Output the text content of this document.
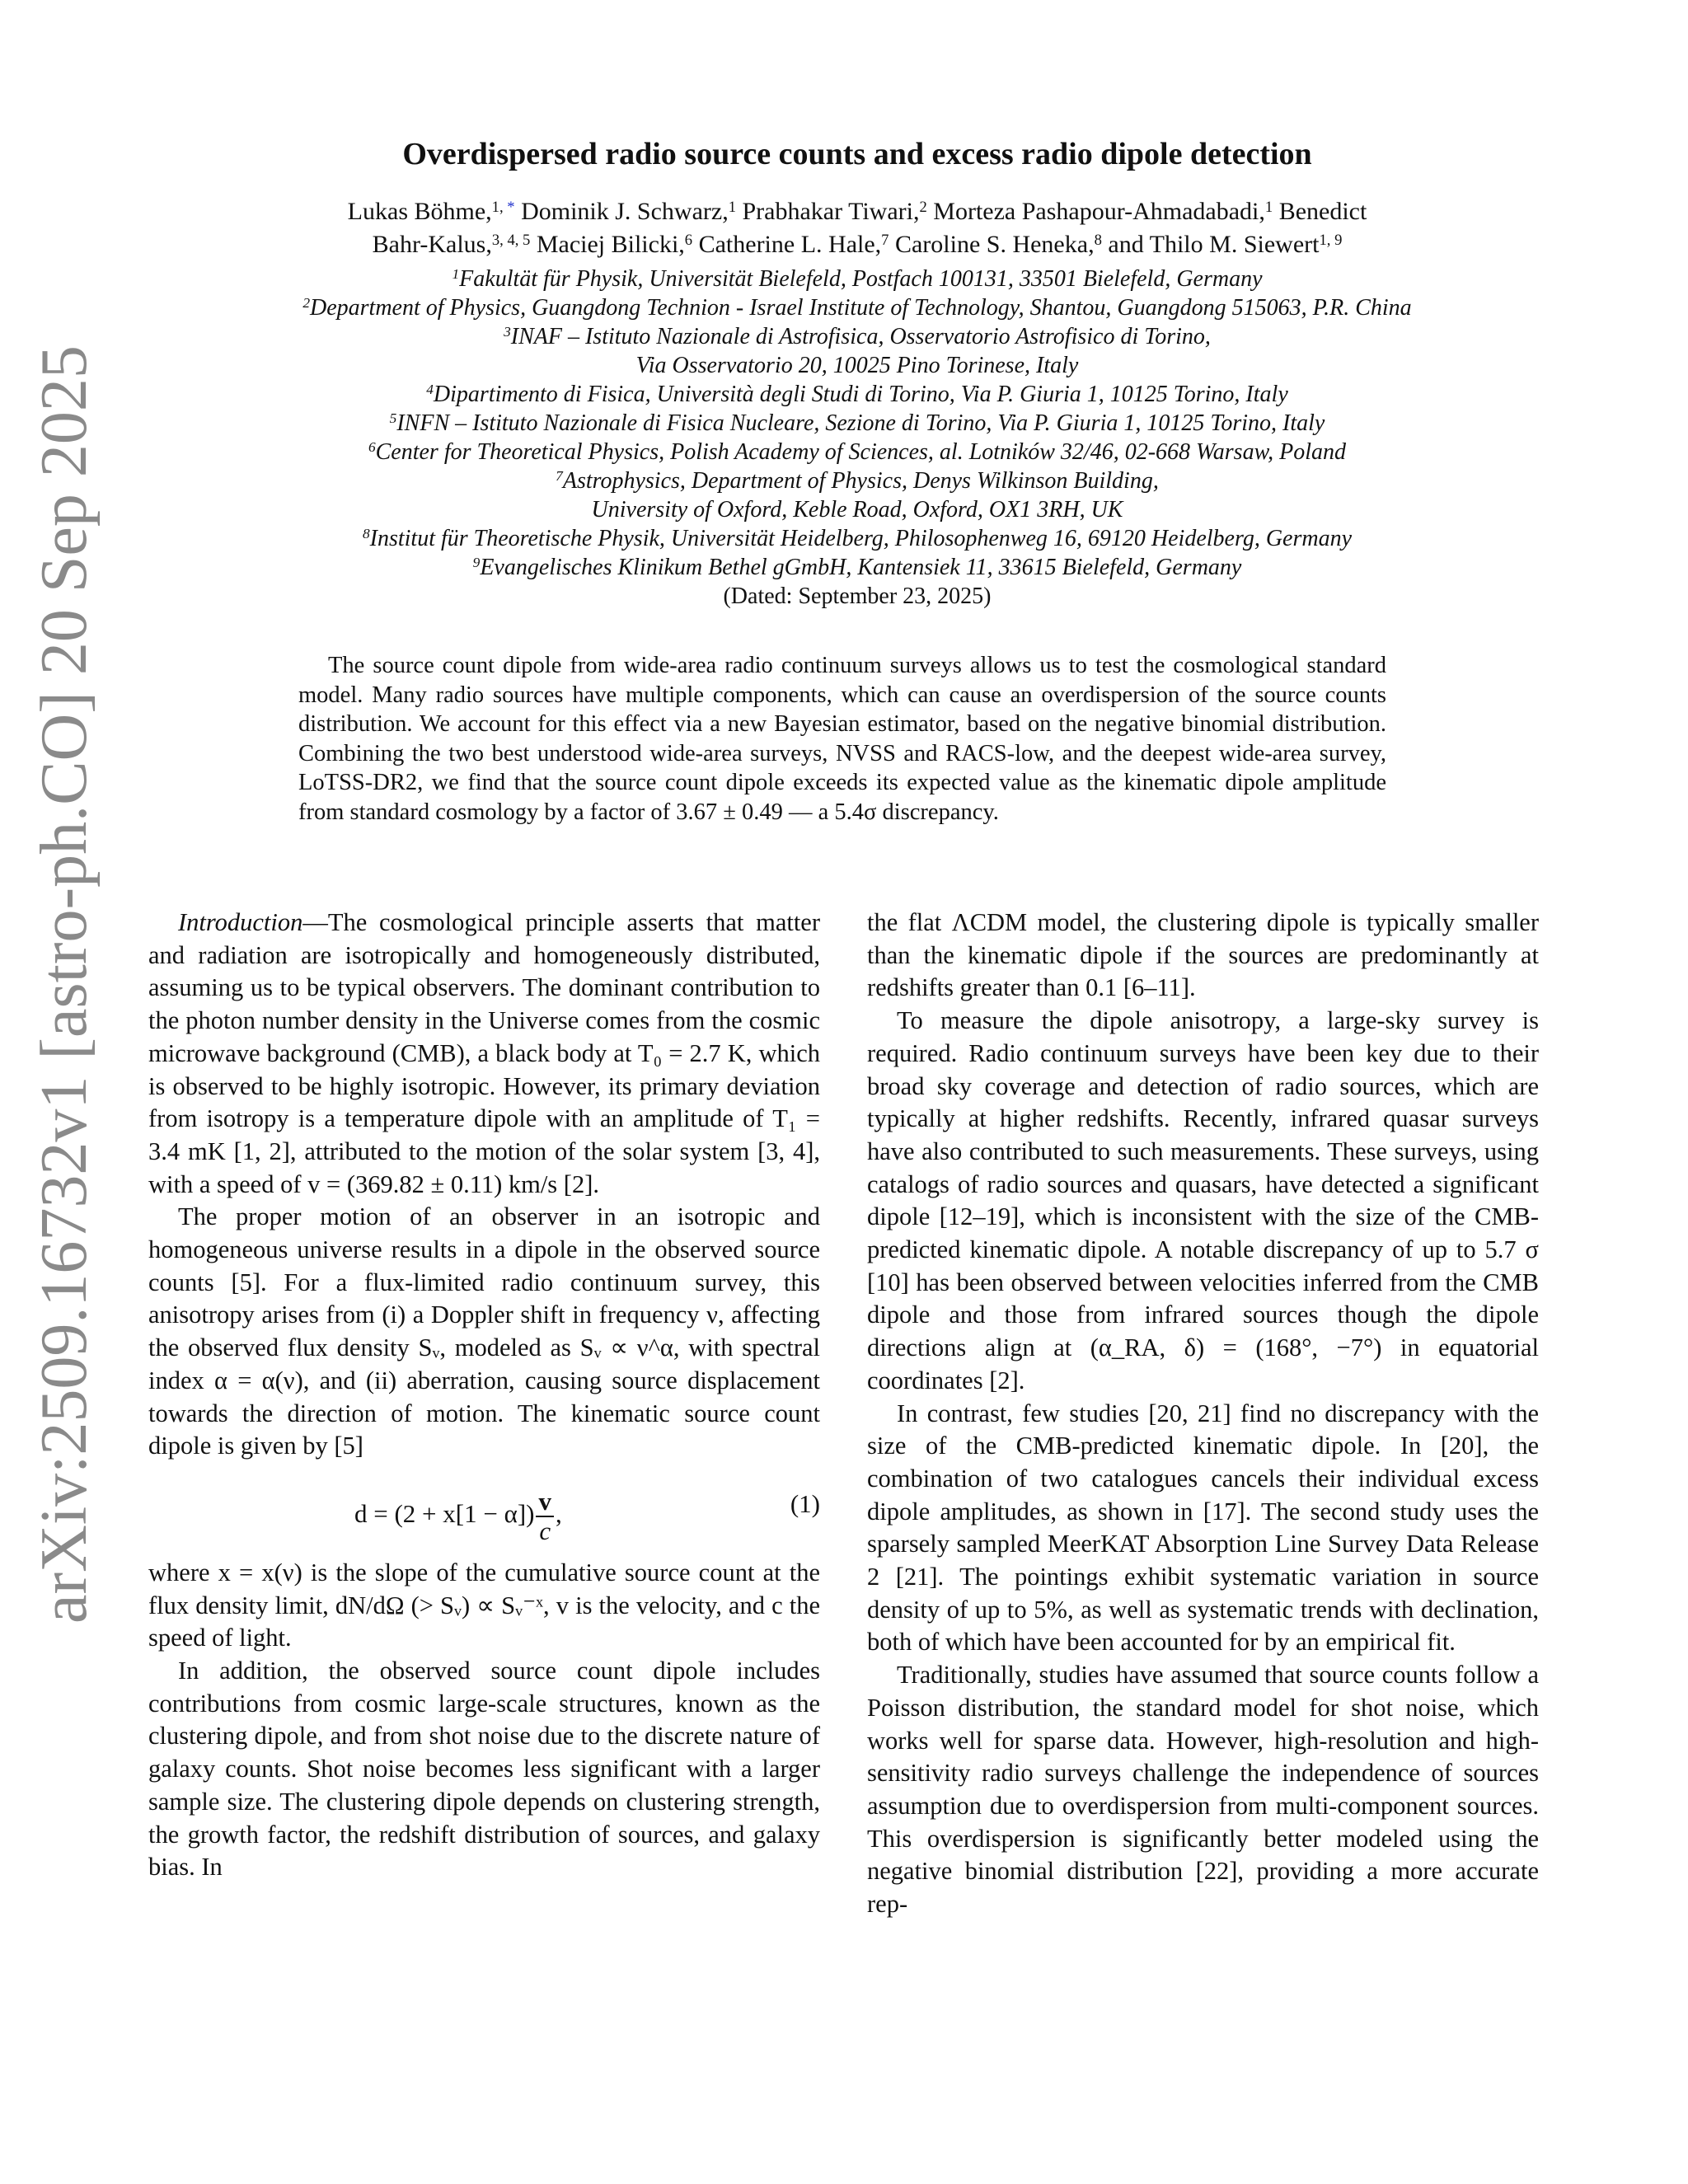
arXiv:2509.16732v1 [astro-ph.CO] 20 Sep 2025
Overdispersed radio source counts and excess radio dipole detection
Lukas Böhme,$^{1,}$ * Dominik J. Schwarz,$^1$ Prabhakar Tiwari,$^2$ Morteza Pashapour-Ahmadabadi,$^1$ Benedict
Bahr-Kalus,$^{3, 4, 5}$ Maciej Bilicki,$^6$ Catherine L. Hale,$^7$ Caroline S. Heneka,$^8$ and Thilo M. Siewert$^{1, 9}$
$^1$Fakultät für Physik, Universität Bielefeld, Postfach 100131, 33501 Bielefeld, Germany
$^2$Department of Physics, Guangdong Technion - Israel Institute of Technology, Shantou, Guangdong 515063, P.R. China
$^3$INAF – Istituto Nazionale di Astrofisica, Osservatorio Astrofisico di Torino,
Via Osservatorio 20, 10025 Pino Torinese, Italy
$^4$Dipartimento di Fisica, Università degli Studi di Torino, Via P. Giuria 1, 10125 Torino, Italy
$^5$INFN – Istituto Nazionale di Fisica Nucleare, Sezione di Torino, Via P. Giuria 1, 10125 Torino, Italy
$^6$Center for Theoretical Physics, Polish Academy of Sciences, al. Lotników 32/46, 02-668 Warsaw, Poland
$^7$Astrophysics, Department of Physics, Denys Wilkinson Building,
University of Oxford, Keble Road, Oxford, OX1 3RH, UK
$^8$Institut für Theoretische Physik, Universität Heidelberg, Philosophenweg 16, 69120 Heidelberg, Germany
$^9$Evangelisches Klinikum Bethel gGmbH, Kantensiek 11, 33615 Bielefeld, Germany
(Dated: September 23, 2025)
The source count dipole from wide-area radio continuum surveys allows us to test the cosmological standard model. Many radio sources have multiple components, which can cause an overdispersion of the source counts distribution. We account for this effect via a new Bayesian estimator, based on the negative binomial distribution. Combining the two best understood wide-area surveys, NVSS and RACS-low, and the deepest wide-area survey, LoTSS-DR2, we find that the source count dipole exceeds its expected value as the kinematic dipole amplitude from standard cosmology by a factor of 3.67 ± 0.49 — a 5.4σ discrepancy.

Introduction—The cosmological principle asserts that matter and radiation are isotropically and homogeneously distributed, assuming us to be typical observers. The dominant contribution to the photon number density in the Universe comes from the cosmic microwave background (CMB), a black body at T₀ = 2.7 K, which is observed to be highly isotropic. However, its primary deviation from isotropy is a temperature dipole with an amplitude of T₁ = 3.4 mK [1, 2], attributed to the motion of the solar system [3, 4], with a speed of v = (369.82 ± 0.11) km/s [2].

The proper motion of an observer in an isotropic and homogeneous universe results in a dipole in the observed source counts [5]. For a flux-limited radio continuum survey, this anisotropy arises from (i) a Doppler shift in frequency ν, affecting the observed flux density Sᵥ, modeled as Sᵥ ∝ ν^α, with spectral index α = α(ν), and (ii) aberration, causing source displacement towards the direction of motion. The kinematic source count dipole is given by [5]

$d = (2 + x[1 - \alpha]) \frac{v}{c}$ ,	(1)

where x = x(ν) is the slope of the cumulative source count at the flux density limit, dN/dΩ (> Sᵥ) ∝ Sᵥ⁻ˣ, v is the velocity, and c the speed of light.

In addition, the observed source count dipole includes contributions from cosmic large-scale structures, known as the clustering dipole, and from shot noise due to the discrete nature of galaxy counts. Shot noise becomes less significant with a larger sample size. The clustering dipole depends on clustering strength, the growth factor, the redshift distribution of sources, and galaxy bias. In

the flat ΛCDM model, the clustering dipole is typically smaller than the kinematic dipole if the sources are predominantly at redshifts greater than 0.1 [6–11].

To measure the dipole anisotropy, a large-sky survey is required. Radio continuum surveys have been key due to their broad sky coverage and detection of radio sources, which are typically at higher redshifts. Recently, infrared quasar surveys have also contributed to such measurements. These surveys, using catalogs of radio sources and quasars, have detected a significant dipole [12–19], which is inconsistent with the size of the CMB-predicted kinematic dipole. A notable discrepancy of up to 5.7 σ [10] has been observed between velocities inferred from the CMB dipole and those from infrared sources though the dipole directions align at (α_RA, δ) = (168°, −7°) in equatorial coordinates [2].

In contrast, few studies [20, 21] find no discrepancy with the size of the CMB-predicted kinematic dipole. In [20], the combination of two catalogues cancels their individual excess dipole amplitudes, as shown in [17]. The second study uses the sparsely sampled MeerKAT Absorption Line Survey Data Release 2 [21]. The pointings exhibit systematic variation in source density of up to 5%, as well as systematic trends with declination, both of which have been accounted for by an empirical fit.

Traditionally, studies have assumed that source counts follow a Poisson distribution, the standard model for shot noise, which works well for sparse data. However, high-resolution and high-sensitivity radio surveys challenge the independence of sources assumption due to overdispersion from multi-component sources. This overdispersion is significantly better modeled using the negative binomial distribution [22], providing a more accurate rep-
